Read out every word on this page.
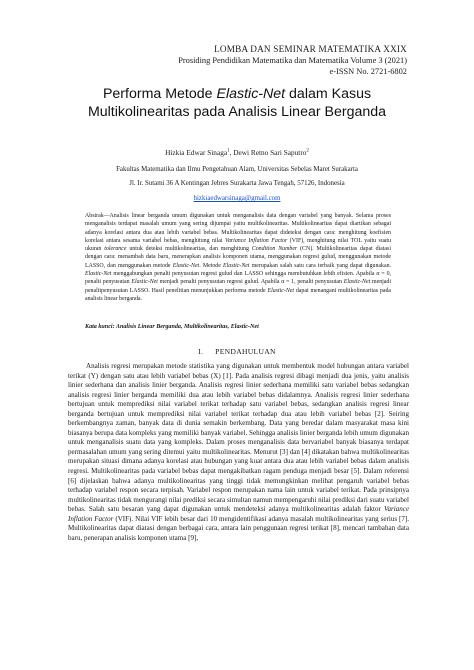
LOMBA DAN SEMINAR MATEMATIKA XXIX
Prosiding Pendidikan Matematika dan Matematika Volume 3 (2021)
e-ISSN No. 2721-6802
Performa Metode Elastic-Net dalam Kasus
Multikolinearitas pada Analisis Linear Berganda
Hizkia Edwar Sinaga$^1$, Dewi Retno Sari Saputro$^2$
Fakultas Matematika dan Ilmu Pengetahuan Alam, Universitas Sebelas Maret Surakarta
Jl. Ir. Sutami 36 A Kentingan Jebres Surakarta Jawa Tengah, 57126, Indonesia
hizkiaedwarsinaga@gmail.com
Abstrak—Analisis linear berganda umum digunakan untuk menganalisis data dengan variabel yang banyak. Selama proses menganalisis terdapat masalah umum yang sering dijumpai yaitu multikolinearitas. Multikolinearitas dapat diartikan sebagai adanya korelasi antara dua atau lebih variabel bebas. Multikolinearitas dapat dideteksi dengan cara: menghitung koefisien korelasi antara sesama variabel bebas, menghitung nilai Variance Inflation Factor (VIF), menghitung nilai TOL yaitu suatu ukuran tolerance untuk deteksi multikolinearitas, dan menghitung Condition Number (CN). Multikolinearitas dapat diatasi dengan cara: menambah data baru, menerapkan analisis komponen utama, menggunakan regresi gulud, menggunakan metode LASSO, dan menggunakan metode Elastic-Net. Metode Elastic-Net merupakan salah satu cara terbaik yang dapat digunakan. Elastic-Net menggabungkan penalti penyusutan regresi gulud dan LASSO sehingga membutuhkan lebih efisien. Apabila α = 0, penalti penyusutan Elastic-Net menjadi penalti penyusutan regresi gulud. Apabila α = 1, penalti penyusutan Elastic-Net menjadi penaltipenyusutan LASSO. Hasil penelitian menunjukkan performa metode Elastic-Net dapat menangani multikolinearitas pada analisis linear berganda.
Kata kunci: Analisis Linear Berganda, Multikolinearitas, Elastic-Net
I. PENDAHULUAN
Analisis regresi merupakan metode statistika yang digunakan untuk membentuk model hubungan antara variabel terikat (Y) dengan satu atau lebih variabel bebas (X) [1]. Pada analisis regresi dibagi menjadi dua jenis, yaitu analisis linier sederhana dan analisis linier berganda. Analisis regresi linier sederhana memiliki satu variabel bebas sedangkan analisis regresi linier berganda memiliki dua atau lebih variabel bebas didalamnya. Analisis regresi linier sederhana bertujuan untuk memprediksi nilai variabel terikat terhadap satu variabel bebas, sedangkan analisis regresi linear berganda bertujuan untuk memprediksi nilai variabel terikat terhadap dua atau lebih variabel bebas [2]. Seiring berkembangnya zaman, banyak data di dunia semakin berkembang. Data yang beredar dalam masyarakat masa kini biasanya berupa data kompleks yang memiliki banyak variabel. Sehingga analisis linier berganda lebih umum digunakan untuk menganalisis suatu data yang kompleks. Dalam proses menganalisis data bervariabel banyak biasanya terdapat permasalahan umum yang sering ditemui yaitu multikolinearitas. Menurut [3] dan [4] dikatakan bahwa multikolinearitas merupakan situasi dimana adanya korelasi atau hubungan yang kuat antara dua atau lebih variabel bebas dalam analisis regresi. Multikolinearitas pada variabel bebas dapat mengakibatkan ragam penduga menjadi besar [5]. Dalam referensi [6] dijelaskan bahwa adanya multikolinearitas yang tinggi tidak memungkinkan melihat pengaruh variabel bebas terhadap variabel respon secara terpisah. Variabel respon merupakan nama lain untuk variabel terikat. Pada prinsipnya multikolinearitas tidak mengurangi nilai prediksi secara simultan namun mempengaruhi nilai prediksi dari suatu variabel bebas. Salah satu besaran yang dapat digunakan untuk mendeteksi adanya multikolinearitas adalah faktor Variance Inflation Factor (VIF). Nilai VIF lebih besar dari 10 mengidentifikasi adanya masalah multikolinearitas yang serius [7]. Multikolinearitas dapat diatasi dengan berbagai cara, antara lain penggunaan regresi terikat [8], mencari tambahan data baru, penerapan analisis komponen utama [9],
